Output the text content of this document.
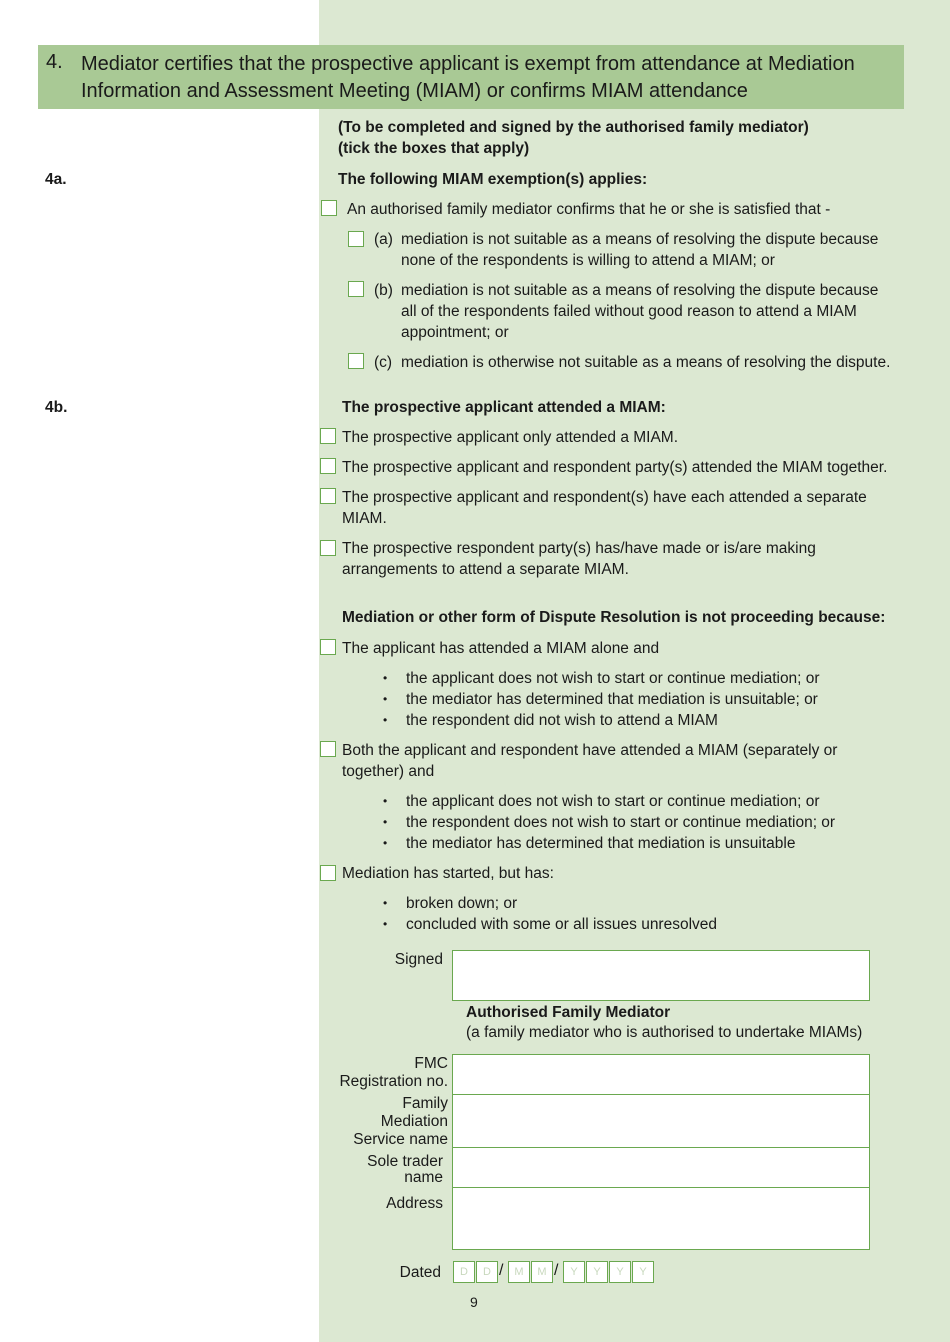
4. Mediator certifies that the prospective applicant is exempt from attendance at Mediation Information and Assessment Meeting (MIAM) or confirms MIAM attendance
(To be completed and signed by the authorised family mediator)
(tick the boxes that apply)
4a.	The following MIAM exemption(s) applies:
An authorised family mediator confirms that he or she is satisfied that -
(a) mediation is not suitable as a means of resolving the dispute because
none of the respondents is willing to attend a MIAM; or
(b) mediation is not suitable as a means of resolving the dispute because
all of the respondents failed without good reason to attend a MIAM
appointment; or
(c) mediation is otherwise not suitable as a means of resolving the dispute.
4b.	The prospective applicant attended a MIAM:
The prospective applicant only attended a MIAM.
The prospective applicant and respondent party(s) attended the MIAM together.
The prospective applicant and respondent(s) have each attended a separate
MIAM.
The prospective respondent party(s) has/have made or is/are making
arrangements to attend a separate MIAM.
Mediation or other form of Dispute Resolution is not proceeding because:
The applicant has attended a MIAM alone and
• the applicant does not wish to start or continue mediation; or
• the mediator has determined that mediation is unsuitable; or
• the respondent did not wish to attend a MIAM
Both the applicant and respondent have attended a MIAM (separately or
together) and
• the applicant does not wish to start or continue mediation; or
• the respondent does not wish to start or continue mediation; or
• the mediator has determined that mediation is unsuitable
Mediation has started, but has:
• broken down; or
• concluded with some or all issues unresolved
Signed
Authorised Family Mediator
(a family mediator who is authorised to undertake MIAMs)
FMC
Registration no.
Family
Mediation
Service name
Sole trader
name
Address
Dated	D	D / M	M /	Y	Y	Y	Y
9
